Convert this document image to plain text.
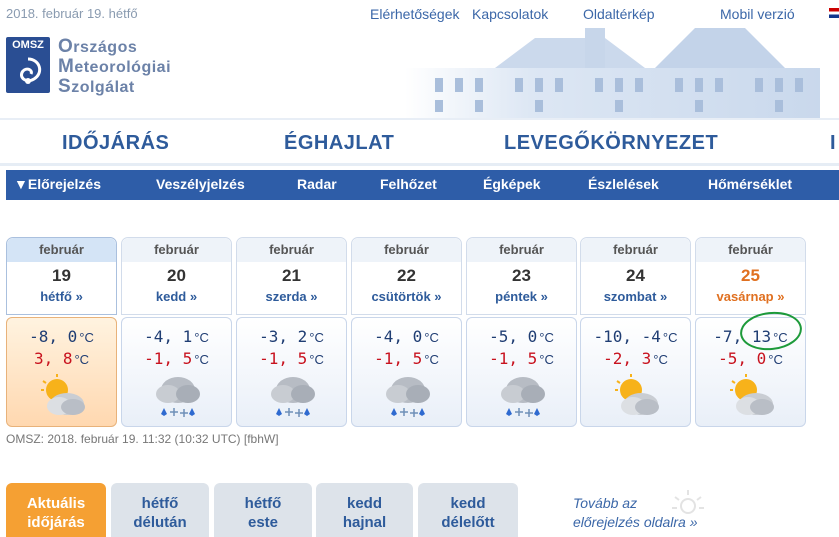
2018. február 19. hétfő	Elérhetőségek Kapcsolatok Oldaltérkép	Mobil verzió
OMSZ Országos
Meteorológiai
Szolgálat
IDŐJÁRÁS	ÉGHAJLAT	LEVEGŐKÖRNYEZET	I
▼Előrejelzés	Veszélyjelzés	Radar	Felhőzet	Égképek	Észlelések	Hőmérséklet
február
19
hétfő »
-8, 0 °C
3, 8 °C
február
20
kedd »
-4, 1 °C
-1, 5 °C
február
21
szerda »
-3, 2 °C
-1, 5 °C
február
22
csütörtök »
-4, 0 °C
-1, 5 °C
február
23
péntek »
-5, 0 °C
-1, 5 °C
február
24
szombat »
-10, -4 °C
-2, 3 °C
február
25
vasárnap »
-7, 13 °C
-5, 0 °C
OMSZ: 2018. február 19. 11:32 (10:32 UTC) [fbhW]
Aktuális
időjárás
hétfő
délután
hétfő
este
kedd
hajnal
kedd
délelőtt
Tovább az
előrejelzés oldalra »
